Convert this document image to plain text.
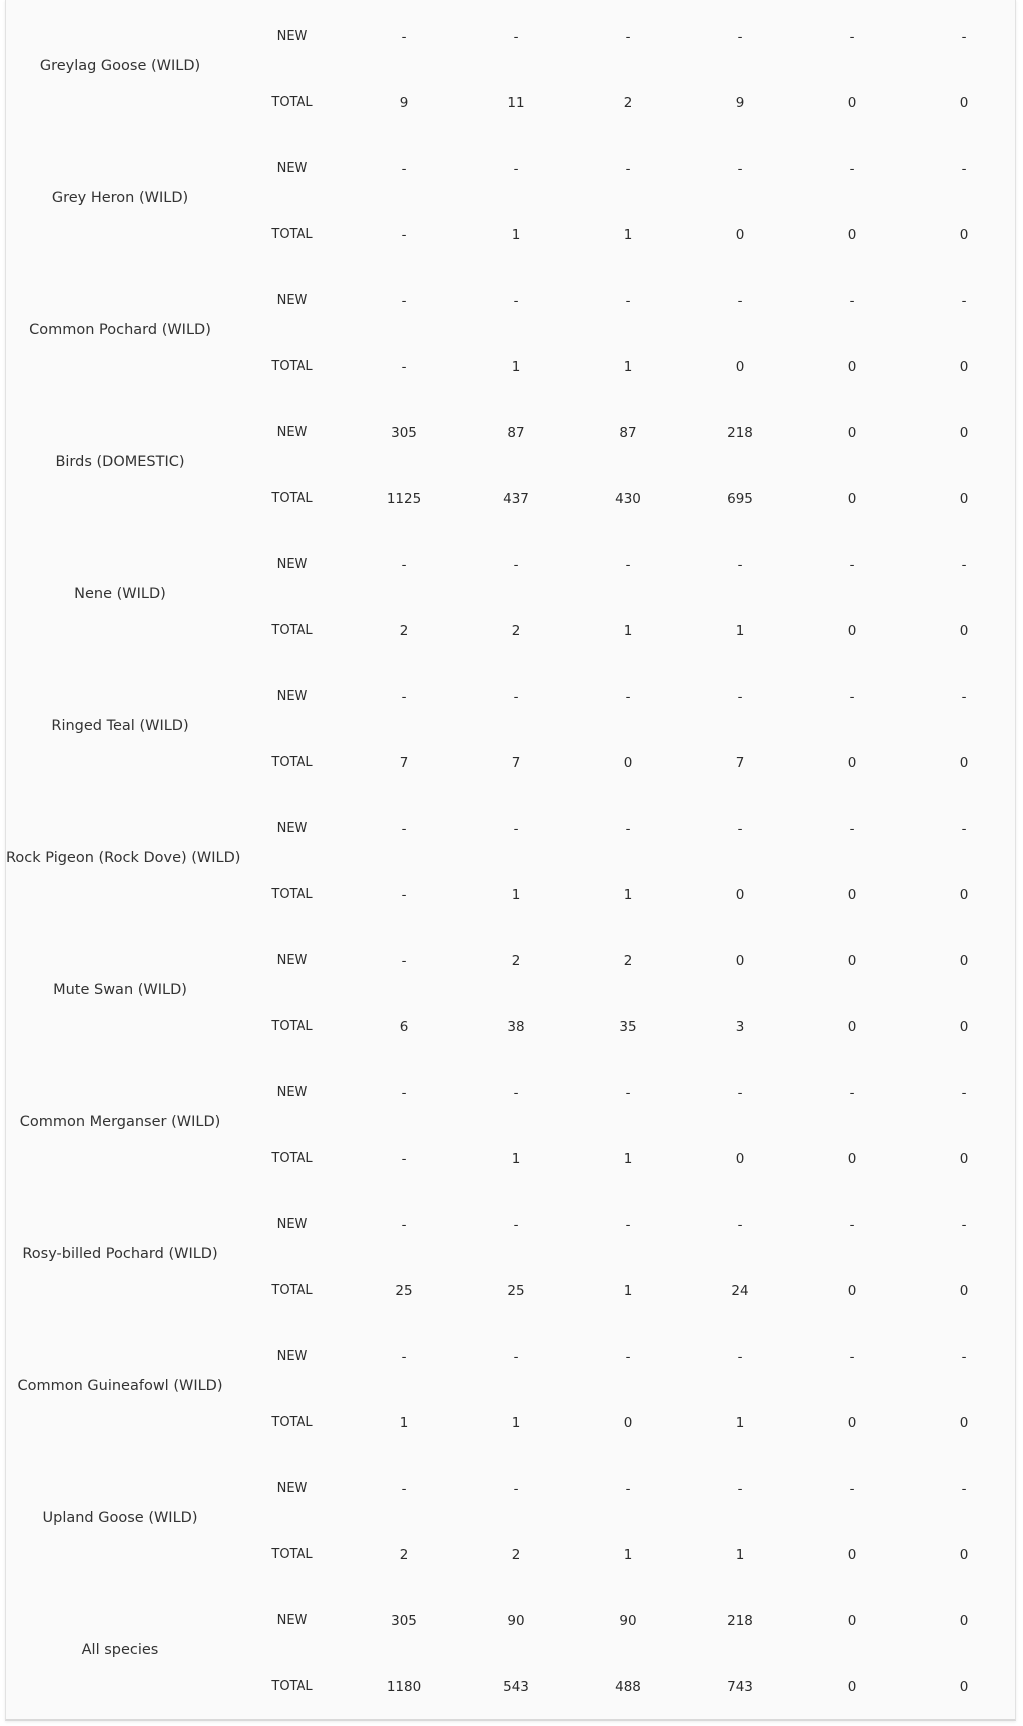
Greylag Goose (WILD)
NEW	-	-	-	-	-	-
TOTAL	9	11	2	9	0	0
Grey Heron (WILD)
NEW	-	-	-	-	-	-
TOTAL	-	1	1	0	0	0
Common Pochard (WILD)
NEW	-	-	-	-	-	-
TOTAL	-	1	1	0	0	0
Birds (DOMESTIC)
NEW	305	87	87	218	0	0
TOTAL	1125	437	430	695	0	0
Nene (WILD)
NEW	-	-	-	-	-	-
TOTAL	2	2	1	1	0	0
Ringed Teal (WILD)
NEW	-	-	-	-	-	-
TOTAL	7	7	0	7	0	0
Rock Pigeon (Rock Dove) (WILD)
NEW	-	-	-	-	-	-
TOTAL	-	1	1	0	0	0
Mute Swan (WILD)
NEW	-	2	2	0	0	0
TOTAL	6	38	35	3	0	0
Common Merganser (WILD)
NEW	-	-	-	-	-	-
TOTAL	-	1	1	0	0	0
Rosy-billed Pochard (WILD)
NEW	-	-	-	-	-	-
TOTAL	25	25	1	24	0	0
Common Guineafowl (WILD)
NEW	-	-	-	-	-	-
TOTAL	1	1	0	1	0	0
Upland Goose (WILD)
NEW	-	-	-	-	-	-
TOTAL	2	2	1	1	0	0
All species
NEW	305	90	90	218	0	0
TOTAL	1180	543	488	743	0	0
